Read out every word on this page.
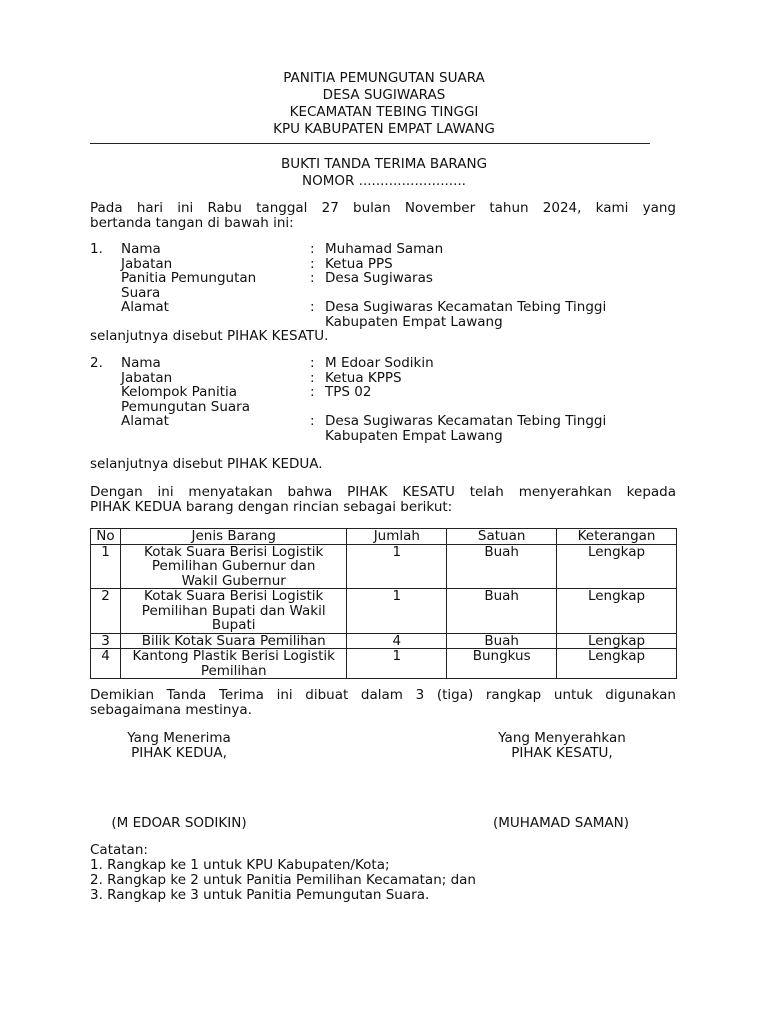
PANITIA PEMUNGUTAN SUARA
DESA SUGIWARAS
KECAMATAN TEBING TINGGI
KPU KABUPATEN EMPAT LAWANG
BUKTI TANDA TERIMA BARANG
NOMOR .........................
Pada hari ini Rabu tanggal 27 bulan November tahun 2024, kami yang
bertanda tangan di bawah ini:
1. Nama	: Muhamad Saman
Jabatan	: Ketua PPS
Panitia Pemungutan	: Desa Sugiwaras
Suara
Alamat	: Desa Sugiwaras Kecamatan Tebing Tinggi
Kabupaten Empat Lawang
selanjutnya disebut PIHAK KESATU.
2. Nama	: M Edoar Sodikin
Jabatan	: Ketua KPPS
Kelompok Panitia	: TPS 02
Pemungutan Suara
Alamat	: Desa Sugiwaras Kecamatan Tebing Tinggi
Kabupaten Empat Lawang
selanjutnya disebut PIHAK KEDUA.
Dengan ini menyatakan bahwa PIHAK KESATU telah menyerahkan kepada
PIHAK KEDUA barang dengan rincian sebagai berikut:
No	Jenis Barang	Jumlah	Satuan	Keterangan
1	Kotak Suara Berisi Logistik
Pemilihan Gubernur dan
Wakil Gubernur	1	Buah	Lengkap
2	Kotak Suara Berisi Logistik
Pemilihan Bupati dan Wakil
Bupati	1	Buah	Lengkap
3	Bilik Kotak Suara Pemilihan	4	Buah	Lengkap
4	Kantong Plastik Berisi Logistik
Pemilihan	1	Bungkus	Lengkap
Demikian Tanda Terima ini dibuat dalam 3 (tiga) rangkap untuk digunakan
sebagaimana mestinya.
Yang Menerima
PIHAK KEDUA,
Yang Menyerahkan
PIHAK KESATU,
(M EDOAR SODIKIN)	(MUHAMAD SAMAN)
Catatan:
1. Rangkap ke 1 untuk KPU Kabupaten/Kota;
2. Rangkap ke 2 untuk Panitia Pemilihan Kecamatan; dan
3. Rangkap ke 3 untuk Panitia Pemungutan Suara.
